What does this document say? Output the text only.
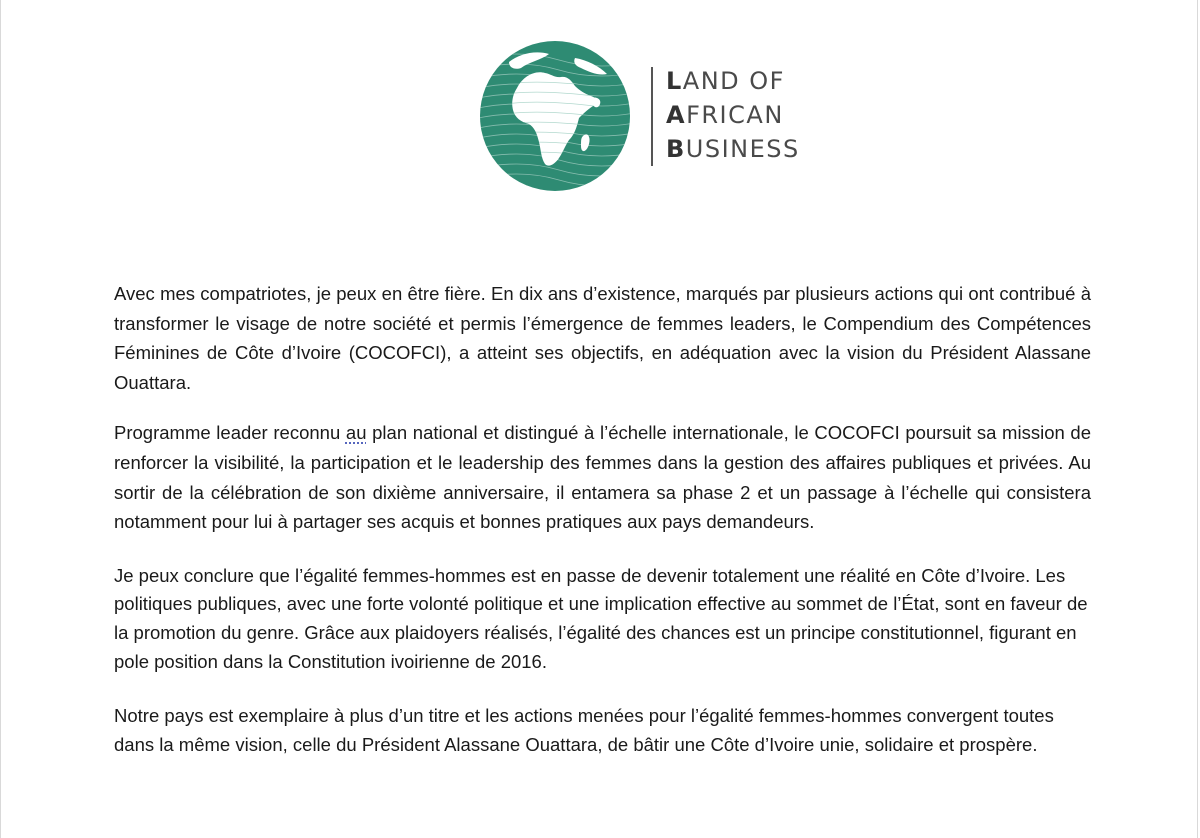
LAND OF
AFRICAN
BUSINESS

Avec mes compatriotes, je peux en être fière. En dix ans d’existence, marqués par plusieurs actions qui ont contribué à transformer le visage de notre société et permis l’émergence de femmes leaders, le Compendium des Compétences Féminines de Côte d’Ivoire (COCOFCI), a atteint ses objectifs, en adéquation avec la vision du Président Alassane Ouattara.

Programme leader reconnu au plan national et distingué à l’échelle internationale, le COCOFCI poursuit sa mission de renforcer la visibilité, la participation et le leadership des femmes dans la gestion des affaires publiques et privées. Au sortir de la célébration de son dixième anniversaire, il entamera sa phase 2 et un passage à l’échelle qui consistera notamment pour lui à partager ses acquis et bonnes pratiques aux pays demandeurs.

Je peux conclure que l’égalité femmes-hommes est en passe de devenir totalement une réalité en Côte d’Ivoire. Les politiques publiques, avec une forte volonté politique et une implication effective au sommet de l’État, sont en faveur de la promotion du genre. Grâce aux plaidoyers réalisés, l’égalité des chances est un principe constitutionnel, figurant en pole position dans la Constitution ivoirienne de 2016.

Notre pays est exemplaire à plus d’un titre et les actions menées pour l’égalité femmes-hommes convergent toutes dans la même vision, celle du Président Alassane Ouattara, de bâtir une Côte d’Ivoire unie, solidaire et prospère.
